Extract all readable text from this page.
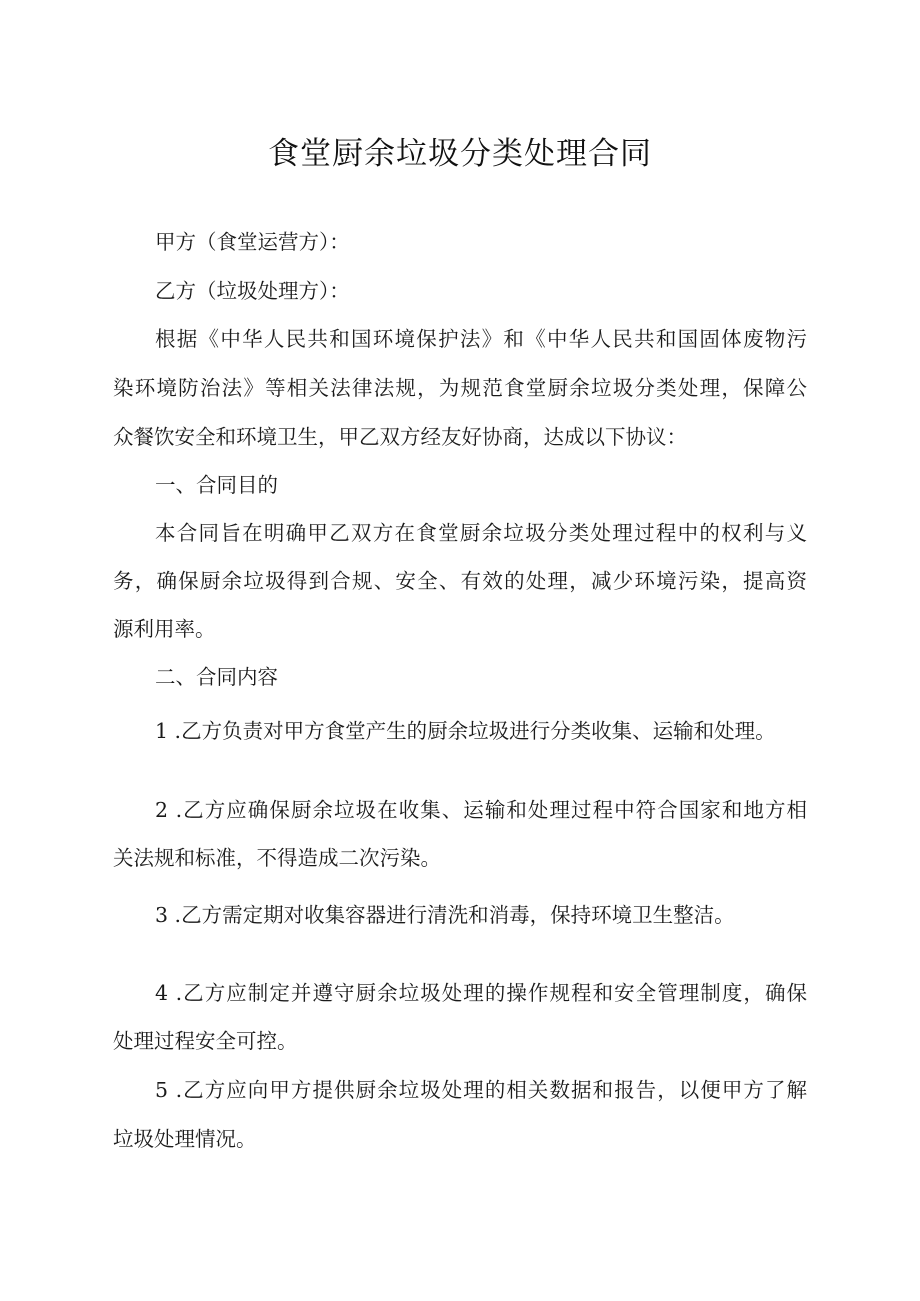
食堂厨余垃圾分类处理合同

甲方（食堂运营方）：

乙方（垃圾处理方）：

根据《中华人民共和国环境保护法》和《中华人民共和国固体废物污

染环境防治法》等相关法律法规，为规范食堂厨余垃圾分类处理，保障公

众餐饮安全和环境卫生，甲乙双方经友好协商，达成以下协议：

一、合同目的

本合同旨在明确甲乙双方在食堂厨余垃圾分类处理过程中的权利与义

务，确保厨余垃圾得到合规、安全、有效的处理，减少环境污染，提高资

源利用率。

二、合同内容

1 .乙方负责对甲方食堂产生的厨余垃圾进行分类收集、运输和处理。

2 .乙方应确保厨余垃圾在收集、运输和处理过程中符合国家和地方相

关法规和标准，不得造成二次污染。

3 .乙方需定期对收集容器进行清洗和消毒，保持环境卫生整洁。

4 .乙方应制定并遵守厨余垃圾处理的操作规程和安全管理制度，确保

处理过程安全可控。

5 .乙方应向甲方提供厨余垃圾处理的相关数据和报告，以便甲方了解

垃圾处理情况。
